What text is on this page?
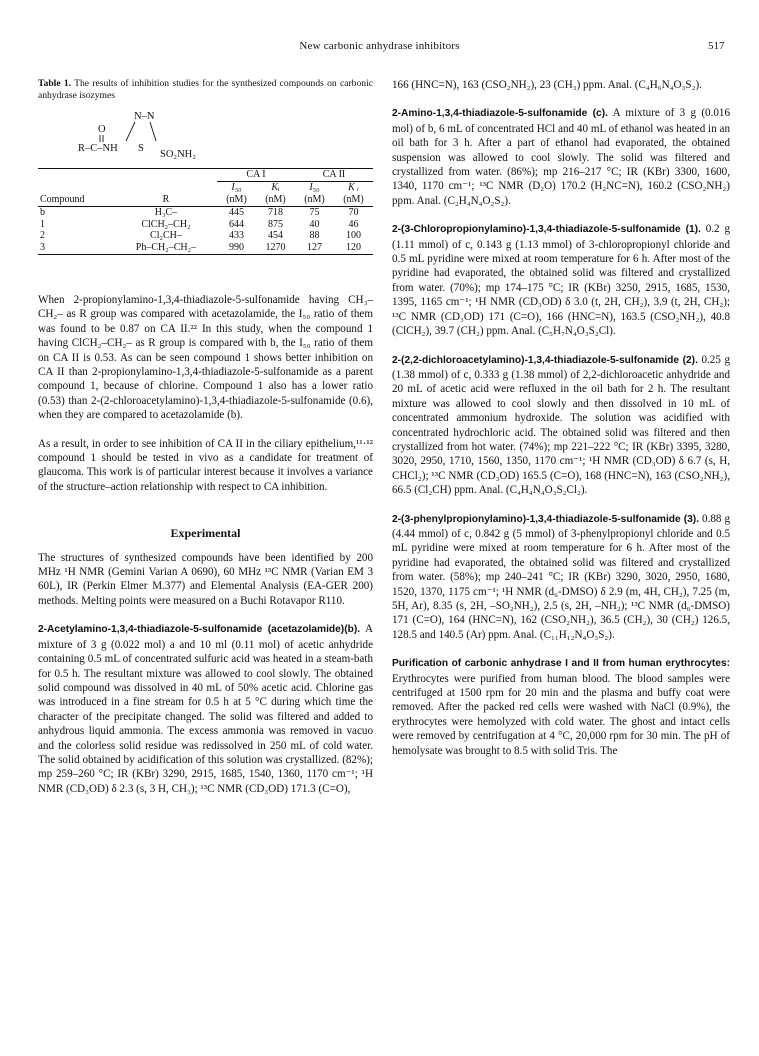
New carbonic anhydrase inhibitors	517
Table 1. The results of inhibition studies for the synthesized compounds on carbonic anhydrase isozymes
N–N
O
R–C–NH S
SO₂NH₂

		CA I		CA II	
		I₅₀	Kᵢ	I₅₀	K ᵢ
Compound	R	(nM)	(nM)	(nM)	(nM)

b	H₃C–	445	718	75	70
1	ClCH₂–CH₂	644	875	40	46
2	Cl₂CH–	433	454	88	100
3	Ph–CH₂–CH₂–	990	1270	127	120

When 2-propionylamino-1,3,4-thiadiazole-5-sulfonamide having CH₃–CH₂– as R group was compared with acetazolamide, the I₅₀ ratio of them was found to be 0.87 on CA II.²² In this study, when the compound 1 having ClCH₂–CH₂– as R group is compared with b, the I₅₀ ratio of them on CA II is 0.53. As can be seen compound 1 shows better inhibition on CA II than 2-propionylamino-1,3,4-thiadiazole-5-sulfonamide as a parent compound 1, because of chlorine. Compound 1 also has a lower ratio (0.53) than 2-(2-chloroacetylamino)-1,3,4-thiadiazole-5-sulfonamide (0.6), when they are compared to acetazolamide (b).

As a result, in order to see inhibition of CA II in the ciliary epithelium,¹¹·¹² compound 1 should be tested in vivo as a candidate for treatment of glaucoma. This work is of particular interest because it involves a variance of the structure–action relationship with respect to CA inhibition.

Experimental

The structures of synthesized compounds have been identified by 200 MHz ¹H NMR (Gemini Varian A 0690), 60 MHz ¹³C NMR (Varian EM 3 60L), IR (Perkin Elmer M.377) and Elemental Analysis (EA-GER 200) methods. Melting points were measured on a Buchi Rotavapor R110.

2-Acetylamino-1,3,4-thiadiazole-5-sulfonamide (acetazolamide)(b). A mixture of 3 g (0.022 mol) a and 10 ml (0.11 mol) of acetic anhydride containing 0.5 mL of concentrated sulfuric acid was heated in a steam-bath for 0.5 h. The resultant mixture was allowed to cool slowly. The obtained solid compound was dissolved in 40 mL of 50% acetic acid. Chlorine gas was introduced in a fine stream for 0.5 h at 5 °C during which time the character of the precipitate changed. The solid was filtered and added to anhydrous liquid ammonia. The excess ammonia was removed in vacuo and the colorless solid residue was redissolved in 250 mL of cold water. The solid obtained by acidification of this solution was crystallized. (82%); mp 259–260 °C; IR (KBr) 3290, 2915, 1685, 1540, 1360, 1170 cm⁻¹; ¹H NMR (CD₃OD) δ 2.3 (s, 3 H, CH₃); ¹³C NMR (CD₃OD) 171.3 (C=O),

166 (HNC=N), 163 (CSO₂NH₂), 23 (CH₃) ppm. Anal. (C₄H₆N₄O₃S₂).

2-Amino-1,3,4-thiadiazole-5-sulfonamide (c). A mixture of 3 g (0.016 mol) of b, 6 mL of concentrated HCl and 40 mL of ethanol was heated in an oil bath for 3 h. After a part of ethanol had evaporated, the obtained suspension was allowed to cool slowly. The solid was filtered and crystallized from water. (86%); mp 216–217 °C; IR (KBr) 3300, 1600, 1340, 1170 cm⁻¹; ¹³C NMR (D₂O) 170.2 (H₂NC=N), 160.2 (CSO₂NH₂) ppm. Anal. (C₂H₄N₄O₂S₂).

2-(3-Chloropropionylamino)-1,3,4-thiadiazole-5-sulfonamide (1). 0.2 g (1.11 mmol) of c, 0.143 g (1.13 mmol) of 3-chloropropionyl chloride and 0.5 mL pyridine were mixed at room temperature for 6 h. After most of the pyridine had evaporated, the obtained solid was filtered and crystallized from water. (70%); mp 174–175 °C; IR (KBr) 3250, 2915, 1685, 1530, 1395, 1165 cm⁻¹; ¹H NMR (CD₃OD) δ 3.0 (t, 2H, CH₂), 3.9 (t, 2H, CH₂); ¹³C NMR (CD₃OD) 171 (C=O), 166 (HNC=N), 163.5 (CSO₂NH₂), 40.8 (ClCH₂), 39.7 (CH₂) ppm. Anal. (C₅H₇N₄O₃S₂Cl).

2-(2,2-dichloroacetylamino)-1,3,4-thiadiazole-5-sulfonamide (2). 0.25 g (1.38 mmol) of c, 0.333 g (1.38 mmol) of 2,2-dichloroacetic anhydride and 20 mL of acetic acid were refluxed in the oil bath for 2 h. The resultant mixture was allowed to cool slowly and then dissolved in 10 mL of concentrated ammonium hydroxide. The solution was acidified with concentrated hydrochloric acid. The obtained solid was filtered and then crystallized from hot water. (74%); mp 221–222 °C; IR (KBr) 3395, 3280, 3020, 2950, 1710, 1560, 1350, 1170 cm⁻¹; ¹H NMR (CD₃OD) δ 6.7 (s, H, CHCl₂); ¹³C NMR (CD₃OD) 165.5 (C=O), 168 (HNC=N), 163 (CSO₂NH₂), 66.5 (Cl₂CH) ppm. Anal. (C₄H₄N₄O₃S₂Cl₂).

2-(3-phenylpropionylamino)-1,3,4-thiadiazole-5-sulfonamide (3). 0.88 g (4.44 mmol) of c, 0.842 g (5 mmol) of 3-phenylpropionyl chloride and 0.5 mL pyridine were mixed at room temperature for 6 h. After most of the pyridine had evaporated, the obtained solid was filtered and crystallized from water. (58%); mp 240–241 °C; IR (KBr) 3290, 3020, 2950, 1680, 1520, 1370, 1175 cm⁻¹; ¹H NMR (d₆-DMSO) δ 2.9 (m, 4H, CH₂), 7.25 (m, 5H, Ar), 8.35 (s, 2H, –SO₂NH₂), 2.5 (s, 2H, –NH₂); ¹³C NMR (d₆-DMSO) 171 (C=O), 164 (HNC=N), 162 (CSO₂NH₂), 36.5 (CH₂), 30 (CH₂) 126.5, 128.5 and 140.5 (Ar) ppm. Anal. (C₁₁H₁₂N₄O₃S₂).

Purification of carbonic anhydrase I and II from human erythrocytes: Erythrocytes were purified from human blood. The blood samples were centrifuged at 1500 rpm for 20 min and the plasma and buffy coat were removed. After the packed red cells were washed with NaCl (0.9%), the erythrocytes were hemolyzed with cold water. The ghost and intact cells were removed by centrifugation at 4 °C, 20,000 rpm for 30 min. The pH of hemolysate was brought to 8.5 with solid Tris. The
